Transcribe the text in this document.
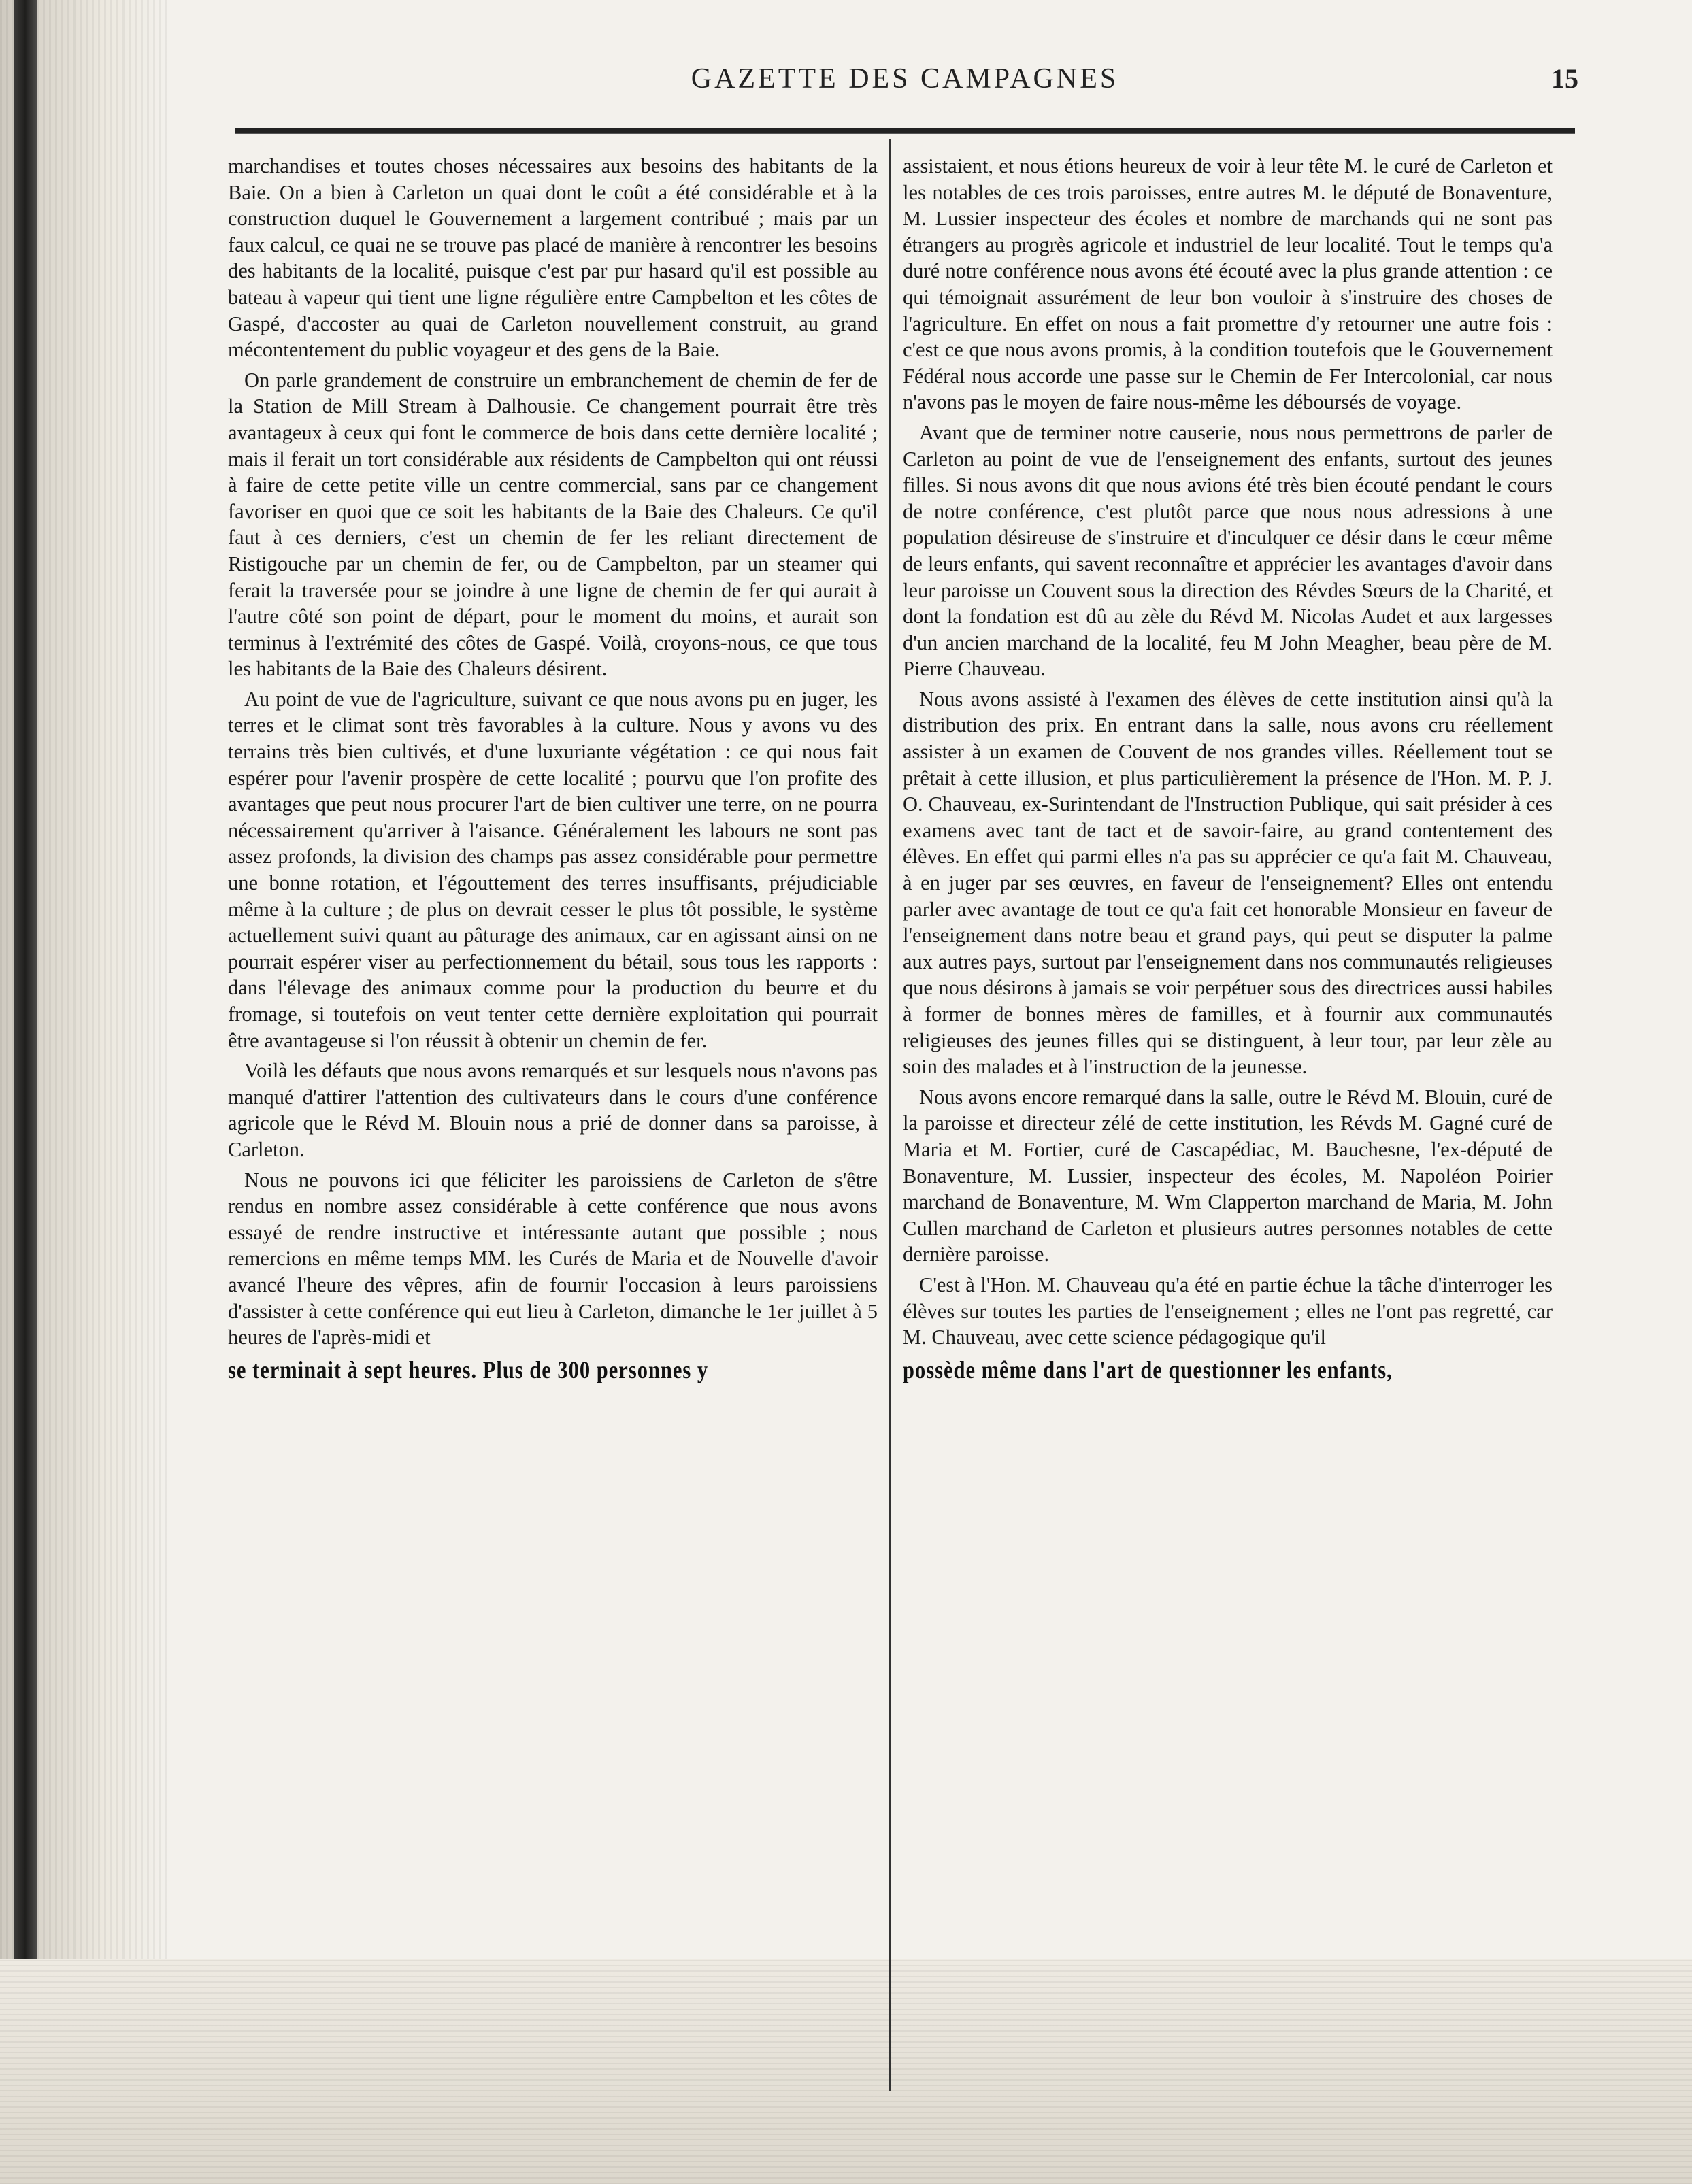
GAZETTE DES CAMPAGNES	15

marchandises et toutes choses nécessaires aux besoins des habitants de la Baie. On a bien à Carleton un quai dont le coût a été considérable et à la construction duquel le Gouvernement a largement contribué ; mais par un faux calcul, ce quai ne se trouve pas placé de manière à rencontrer les besoins des habitants de la localité, puisque c'est par pur hasard qu'il est possible au bateau à vapeur qui tient une ligne régulière entre Campbelton et les côtes de Gaspé, d'accoster au quai de Carleton nouvellement construit, au grand mécontentement du public voyageur et des gens de la Baie.

On parle grandement de construire un embranchement de chemin de fer de la Station de Mill Stream à Dalhousie. Ce changement pourrait être très avantageux à ceux qui font le commerce de bois dans cette dernière localité ; mais il ferait un tort considérable aux résidents de Campbelton qui ont réussi à faire de cette petite ville un centre commercial, sans par ce changement favoriser en quoi que ce soit les habitants de la Baie des Chaleurs. Ce qu'il faut à ces derniers, c'est un chemin de fer les reliant directement de Ristigouche par un chemin de fer, ou de Campbelton, par un steamer qui ferait la traversée pour se joindre à une ligne de chemin de fer qui aurait à l'autre côté son point de départ, pour le moment du moins, et aurait son terminus à l'extrémité des côtes de Gaspé. Voilà, croyons-nous, ce que tous les habitants de la Baie des Chaleurs désirent.

Au point de vue de l'agriculture, suivant ce que nous avons pu en juger, les terres et le climat sont très favorables à la culture. Nous y avons vu des terrains très bien cultivés, et d'une luxuriante végétation : ce qui nous fait espérer pour l'avenir prospère de cette localité ; pourvu que l'on profite des avantages que peut nous procurer l'art de bien cultiver une terre, on ne pourra nécessairement qu'arriver à l'aisance. Généralement les labours ne sont pas assez profonds, la division des champs pas assez considérable pour permettre une bonne rotation, et l'égouttement des terres insuffisants, préjudiciable même à la culture ; de plus on devrait cesser le plus tôt possible, le système actuellement suivi quant au pâturage des animaux, car en agissant ainsi on ne pourrait espérer viser au perfectionnement du bétail, sous tous les rapports : dans l'élevage des animaux comme pour la production du beurre et du fromage, si toutefois on veut tenter cette dernière exploitation qui pourrait être avantageuse si l'on réussit à obtenir un chemin de fer.

Voilà les défauts que nous avons remarqués et sur lesquels nous n'avons pas manqué d'attirer l'attention des cultivateurs dans le cours d'une conférence agricole que le Révd M. Blouin nous a prié de donner dans sa paroisse, à Carleton.

Nous ne pouvons ici que féliciter les paroissiens de Carleton de s'être rendus en nombre assez considérable à cette conférence que nous avons essayé de rendre instructive et intéressante autant que possible ; nous remercions en même temps MM. les Curés de Maria et de Nouvelle d'avoir avancé l'heure des vêpres, afin de fournir l'occasion à leurs paroissiens d'assister à cette conférence qui eut lieu à Carleton, dimanche le 1er juillet à 5 heures de l'après-midi et

se terminait à sept heures. Plus de 300 personnes y

assistaient, et nous étions heureux de voir à leur tête M. le curé de Carleton et les notables de ces trois paroisses, entre autres M. le député de Bonaventure, M. Lussier inspecteur des écoles et nombre de marchands qui ne sont pas étrangers au progrès agricole et industriel de leur localité. Tout le temps qu'a duré notre conférence nous avons été écouté avec la plus grande attention : ce qui témoignait assurément de leur bon vouloir à s'instruire des choses de l'agriculture. En effet on nous a fait promettre d'y retourner une autre fois : c'est ce que nous avons promis, à la condition toutefois que le Gouvernement Fédéral nous accorde une passe sur le Chemin de Fer Intercolonial, car nous n'avons pas le moyen de faire nous-même les déboursés de voyage.

Avant que de terminer notre causerie, nous nous permettrons de parler de Carleton au point de vue de l'enseignement des enfants, surtout des jeunes filles. Si nous avons dit que nous avions été très bien écouté pendant le cours de notre conférence, c'est plutôt parce que nous nous adressions à une population désireuse de s'instruire et d'inculquer ce désir dans le cœur même de leurs enfants, qui savent reconnaître et apprécier les avantages d'avoir dans leur paroisse un Couvent sous la direction des Révdes Sœurs de la Charité, et dont la fondation est dû au zèle du Révd M. Nicolas Audet et aux largesses d'un ancien marchand de la localité, feu M John Meagher, beau père de M. Pierre Chauveau.

Nous avons assisté à l'examen des élèves de cette institution ainsi qu'à la distribution des prix. En entrant dans la salle, nous avons cru réellement assister à un examen de Couvent de nos grandes villes. Réellement tout se prêtait à cette illusion, et plus particulièrement la présence de l'Hon. M. P. J. O. Chauveau, ex-Surintendant de l'Instruction Publique, qui sait présider à ces examens avec tant de tact et de savoir-faire, au grand contentement des élèves. En effet qui parmi elles n'a pas su apprécier ce qu'a fait M. Chauveau, à en juger par ses œuvres, en faveur de l'enseignement? Elles ont entendu parler avec avantage de tout ce qu'a fait cet honorable Monsieur en faveur de l'enseignement dans notre beau et grand pays, qui peut se disputer la palme aux autres pays, surtout par l'enseignement dans nos communautés religieuses que nous désirons à jamais se voir perpétuer sous des directrices aussi habiles à former de bonnes mères de familles, et à fournir aux communautés religieuses des jeunes filles qui se distinguent, à leur tour, par leur zèle au soin des malades et à l'instruction de la jeunesse.

Nous avons encore remarqué dans la salle, outre le Révd M. Blouin, curé de la paroisse et directeur zélé de cette institution, les Révds M. Gagné curé de Maria et M. Fortier, curé de Cascapédiac, M. Bauchesne, l'ex-député de Bonaventure, M. Lussier, inspecteur des écoles, M. Napoléon Poirier marchand de Bonaventure, M. Wm Clapperton marchand de Maria, M. John Cullen marchand de Carleton et plusieurs autres personnes notables de cette dernière paroisse.

C'est à l'Hon. M. Chauveau qu'a été en partie échue la tâche d'interroger les élèves sur toutes les parties de l'enseignement ; elles ne l'ont pas regretté, car M. Chauveau, avec cette science pédagogique qu'il

possède même dans l'art de questionner les enfants,
